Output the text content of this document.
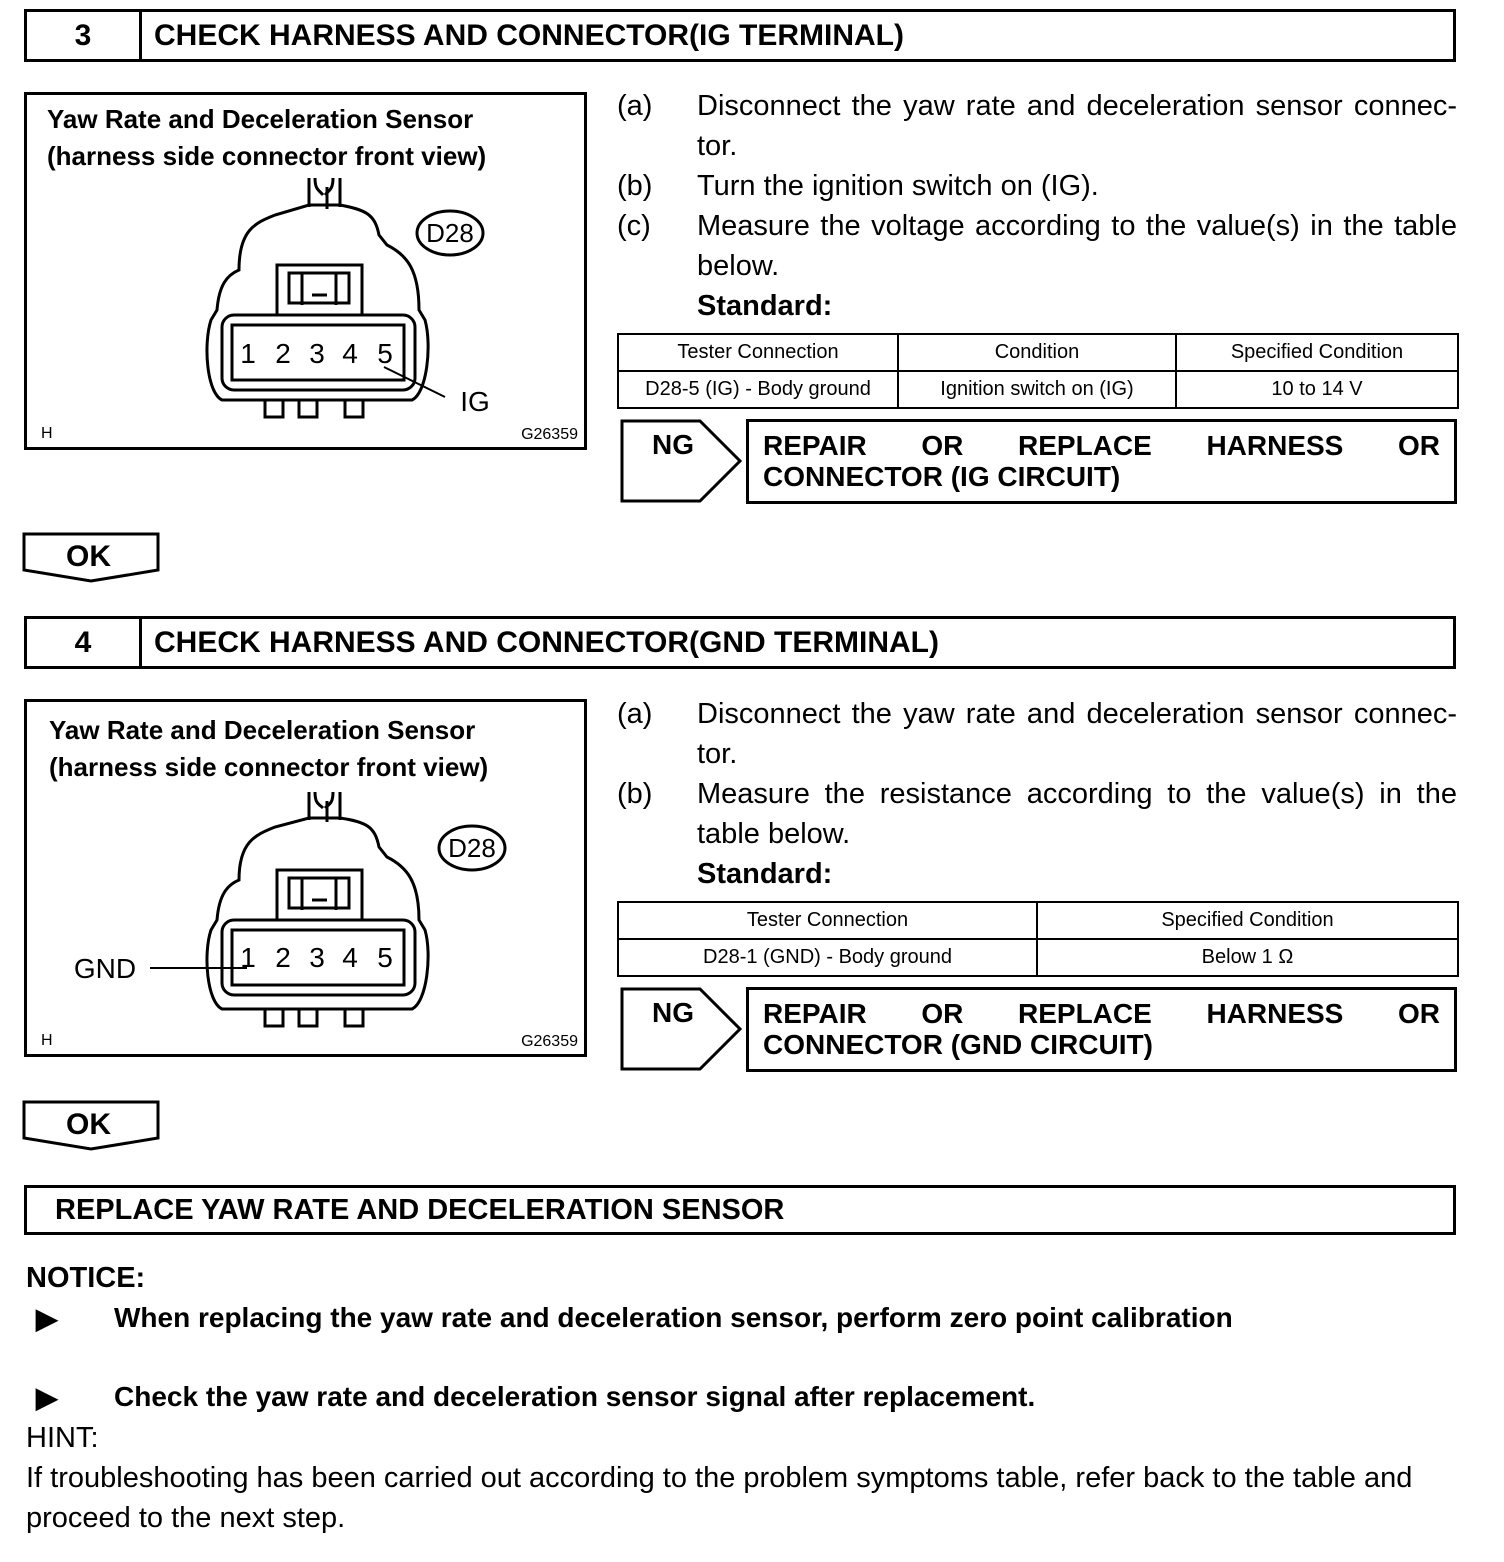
3	CHECK HARNESS AND CONNECTOR(IG TERMINAL)
Yaw Rate and Deceleration Sensor
(harness side connector front view)
1 2 3 4 5
D28
IG
H	G26359
(a)	Disconnect the yaw rate and deceleration sensor connec- tor.
(b)	Turn the ignition switch on (IG).
(c)	Measure the voltage according to the value(s) in the table below.
Standard:
Tester Connection	Condition	Specified Condition
D28-5 (IG) - Body ground	Ignition switch on (IG)	10 to 14 V
NG REPAIR OR REPLACE HARNESS OR
CONNECTOR (IG CIRCUIT)
OK
4	CHECK HARNESS AND CONNECTOR(GND TERMINAL)
Yaw Rate and Deceleration Sensor
(harness side connector front view)
1 2 3 4 5
D28
GND
H	G26359
(a)	Disconnect the yaw rate and deceleration sensor connec- tor.
(b)	Measure the resistance according to the value(s) in the table below.
Standard:
Tester Connection	Specified Condition
D28-1 (GND) - Body ground	Below 1 Ω
NG REPAIR OR REPLACE HARNESS OR
CONNECTOR (GND CIRCUIT)
OK
REPLACE YAW RATE AND DECELERATION SENSOR
NOTICE:
▶	When replacing the yaw rate and deceleration sensor, perform zero point calibration
▶	Check the yaw rate and deceleration sensor signal after replacement.
HINT:
If troubleshooting has been carried out according to the problem symptoms table, refer back to the table and proceed to the next step.
